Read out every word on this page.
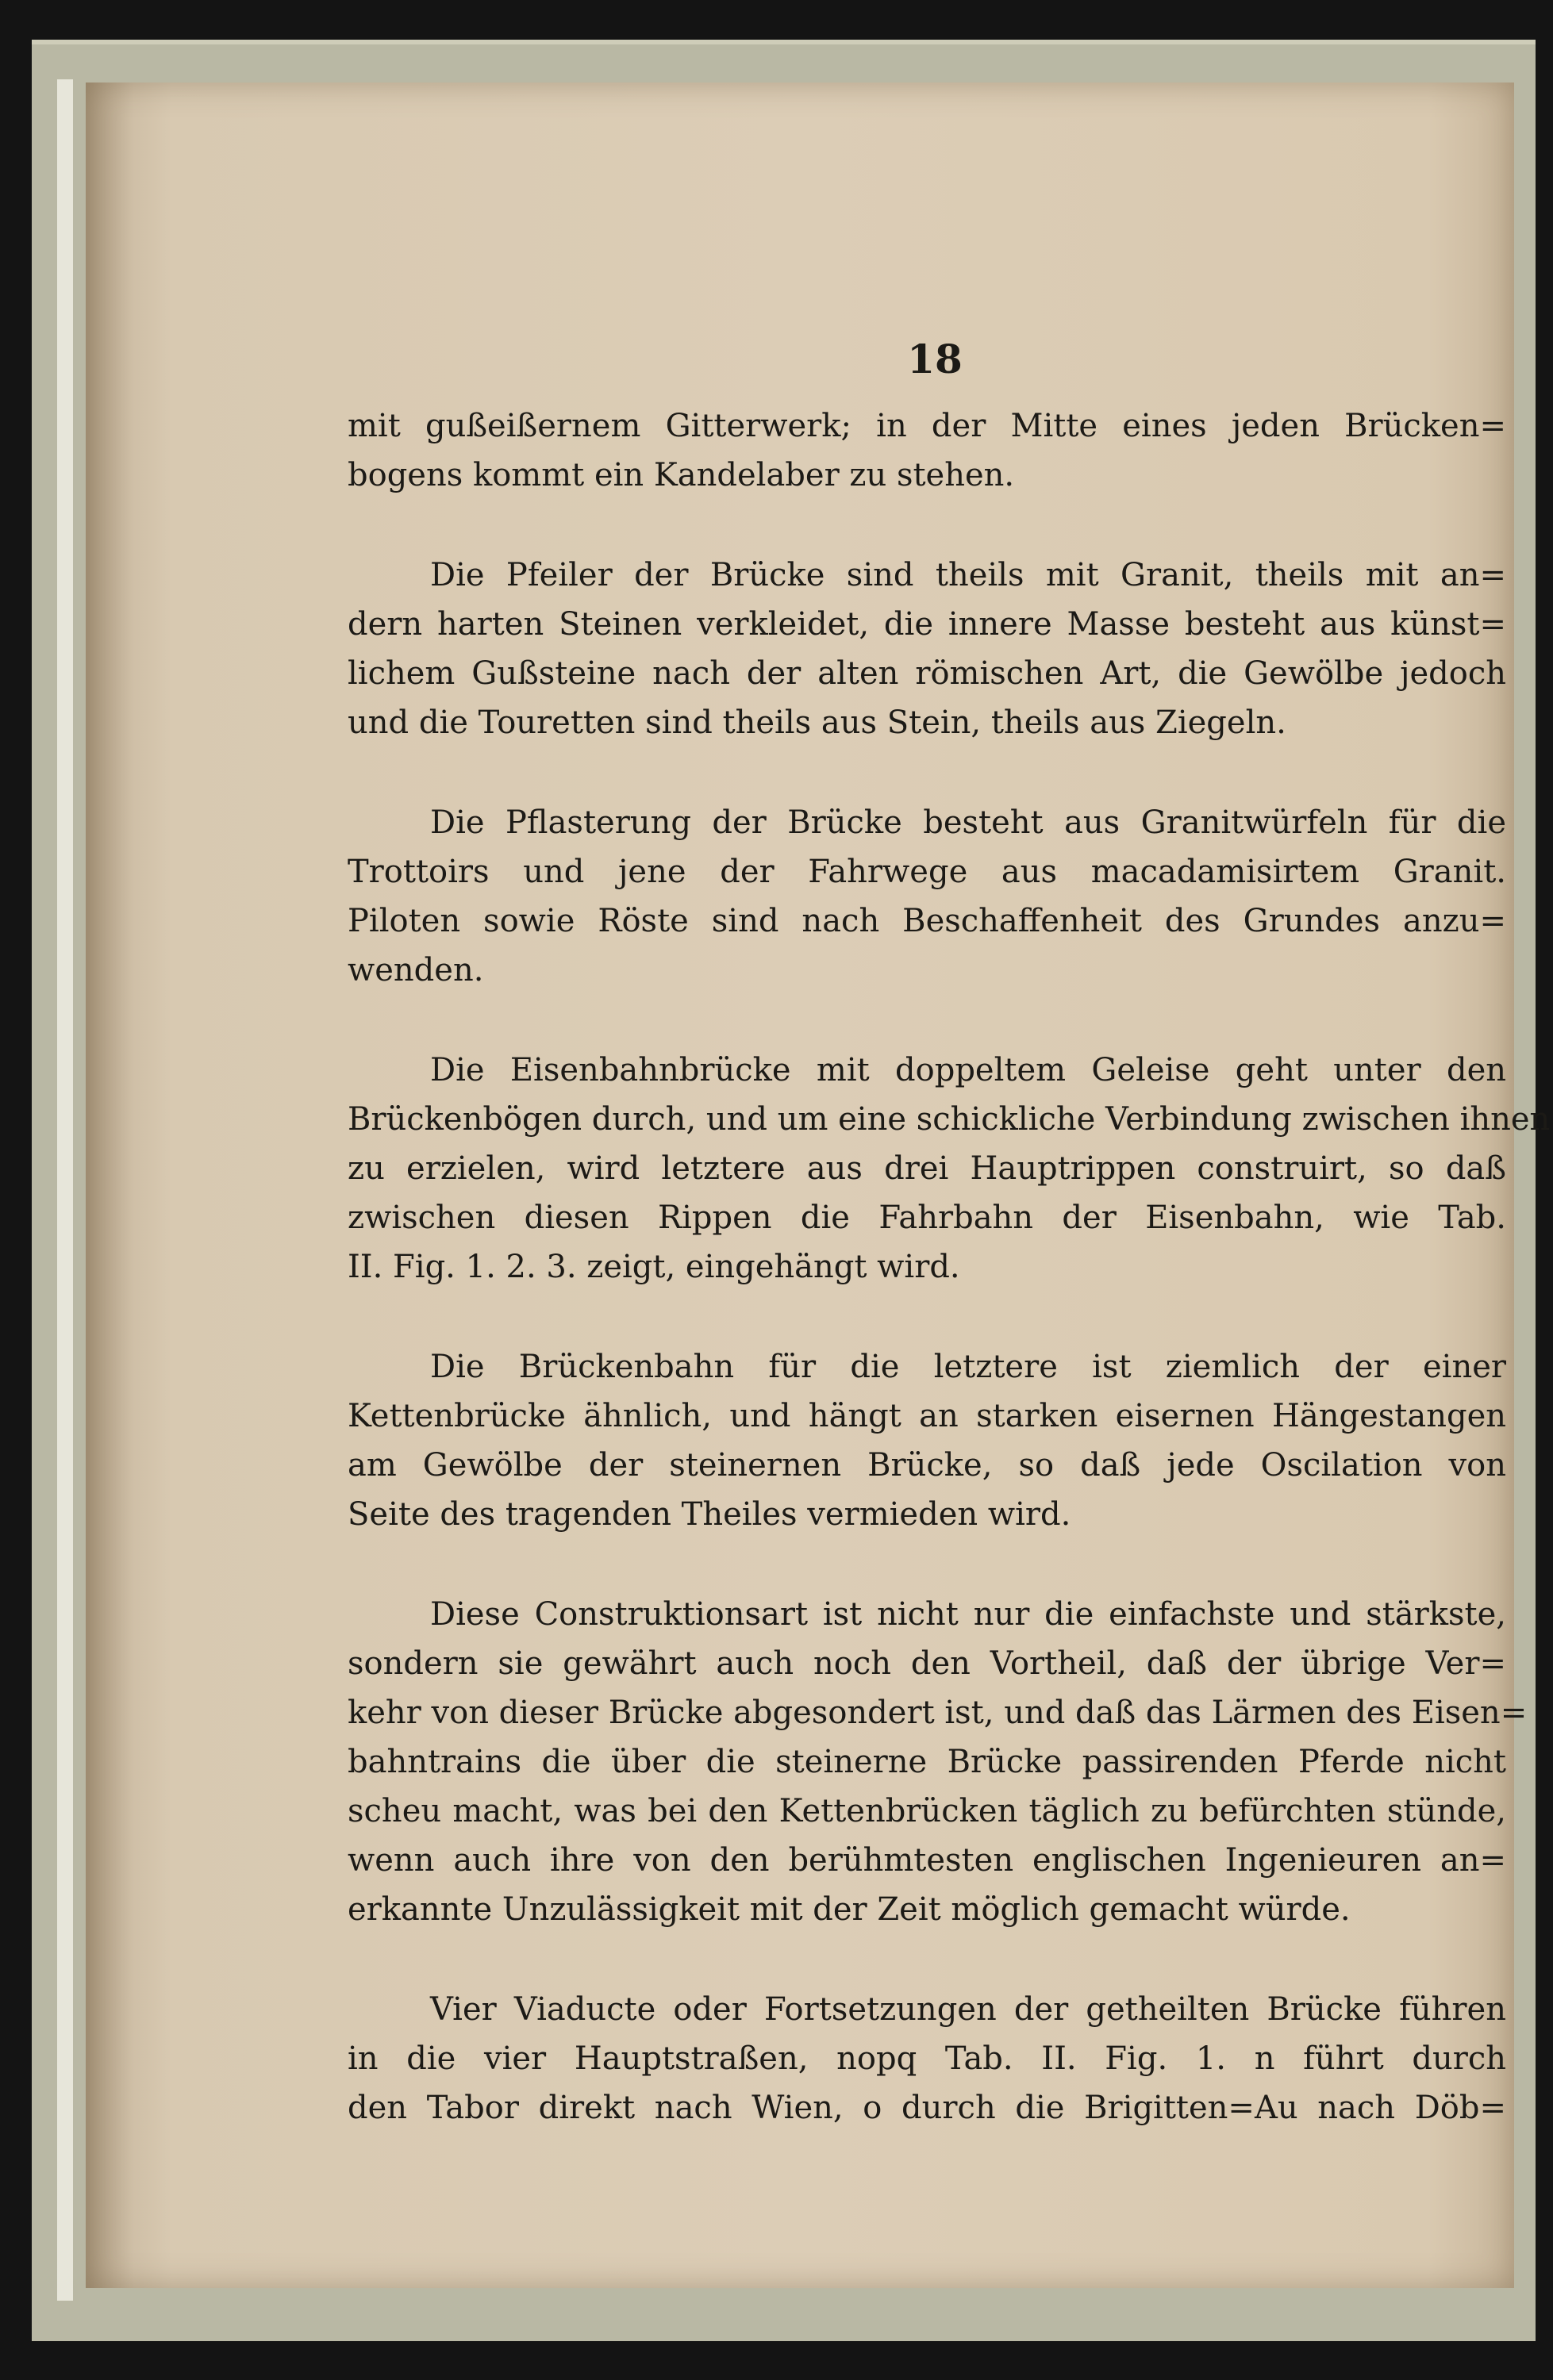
18
mit gußeißernem Gitterwerk; in der Mitte eines jeden Brücken=
bogens kommt ein Kandelaber zu stehen.
Die Pfeiler der Brücke sind theils mit Granit, theils mit an=
dern harten Steinen verkleidet, die innere Masse besteht aus künst=
lichem Gußsteine nach der alten römischen Art, die Gewölbe jedoch
und die Touretten sind theils aus Stein, theils aus Ziegeln.
Die Pflasterung der Brücke besteht aus Granitwürfeln für die
Trottoirs und jene der Fahrwege aus macadamisirtem Granit.
Piloten sowie Röste sind nach Beschaffenheit des Grundes anzu=
wenden.
Die Eisenbahnbrücke mit doppeltem Geleise geht unter den
Brückenbögen durch, und um eine schickliche Verbindung zwischen ihnen
zu erzielen, wird letztere aus drei Hauptrippen construirt, so daß
zwischen diesen Rippen die Fahrbahn der Eisenbahn, wie Tab.
II. Fig. 1. 2. 3. zeigt, eingehängt wird.
Die Brückenbahn für die letztere ist ziemlich der einer
Kettenbrücke ähnlich, und hängt an starken eisernen Hängestangen
am Gewölbe der steinernen Brücke, so daß jede Oscilation von
Seite des tragenden Theiles vermieden wird.
Diese Construktionsart ist nicht nur die einfachste und stärkste,
sondern sie gewährt auch noch den Vortheil, daß der übrige Ver=
kehr von dieser Brücke abgesondert ist, und daß das Lärmen des Eisen=
bahntrains die über die steinerne Brücke passirenden Pferde nicht
scheu macht, was bei den Kettenbrücken täglich zu befürchten stünde,
wenn auch ihre von den berühmtesten englischen Ingenieuren an=
erkannte Unzulässigkeit mit der Zeit möglich gemacht würde.
Vier Viaducte oder Fortsetzungen der getheilten Brücke führen
in die vier Hauptstraßen, nopq Tab. II. Fig. 1. n führt durch
den Tabor direkt nach Wien, o durch die Brigitten=Au nach Döb=
